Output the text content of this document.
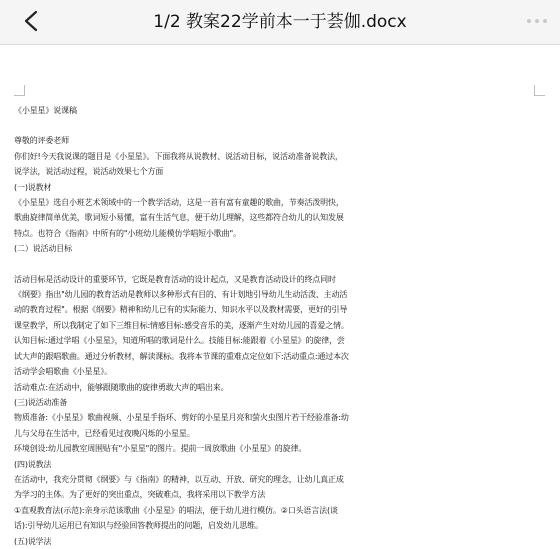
1/2 教案22学前本一于荟伽.docx

《小星星》说课稿

尊敬的评委老师

你们好!今天我说课的题目是《小星星》。下面我将从说教材、说活动目标，说活动准备说教法，

说学法，说活动过程，说活动效果七个方面

(一)说教材

《小星星》选自小班艺术领域中的一个教学活动，这是一首有富有童趣的歌曲，节奏活泼明快，

歌曲旋律简单优美，歌词短小易懂，富有生活气息，便于幼儿理解，这些都符合幼儿的认知发展

特点。也符合《指南》中所有的"小班幼儿能模仿学唱短小歌曲"。

(二）说活动目标

活动目标是活动设计的重要环节，它既是教育活动的设计起点，又是教育活动设计的终点同时

《纲要》指出"幼儿园的教育活动是教师以多种形式有目的、有计划地引导幼儿生动活泼、主动活

动的教育过程"。根据《纲要》精神和幼儿已有的实际能力、知识水平以及教材需要，更好的引导

课堂教学，所以我制定了如下三维目标:情感目标:感受音乐的美，逐渐产生对幼儿园的喜爱之情。

认知目标:通过学唱《小星星》，知道所唱的歌词是什么。技能目标:能跟着《小星星》的旋律，尝

试大声的跟唱歌曲。通过分析教材，解读课标。我将本节课的重难点定位如下:活动重点:通过本次

活动学会唱歌曲《小星星》。

活动难点:在活动中，能够跟随歌曲的旋律勇敢大声的唱出来。

(三)说活动准备

物质准备:《小星星》歌曲视频、小星星手指环、剪好的小星星月亮和萤火虫图片若干经验准备:幼

儿与父母在生活中，已经看见过夜晚闪烁的小星星。

环境创设:幼儿园教室周围贴有"小星星"的图片。提前一周放歌曲《小星星》的旋律。

(四)说教法

在活动中，我充分贯彻《纲要》与《指南》的精神，以互动、开放、研究的理念，让幼儿真正成

为学习的主体。为了更好的突出重点，突破难点，我将采用以下教学方法

①直观教育法(示范):亲身示范该歌曲《小星星》的唱法，便于幼儿进行模仿。②口头语言法(谈

话):引导幼儿运用已有知识与经验回答教师提出的问题，启发幼儿思维。

(五)说学法
